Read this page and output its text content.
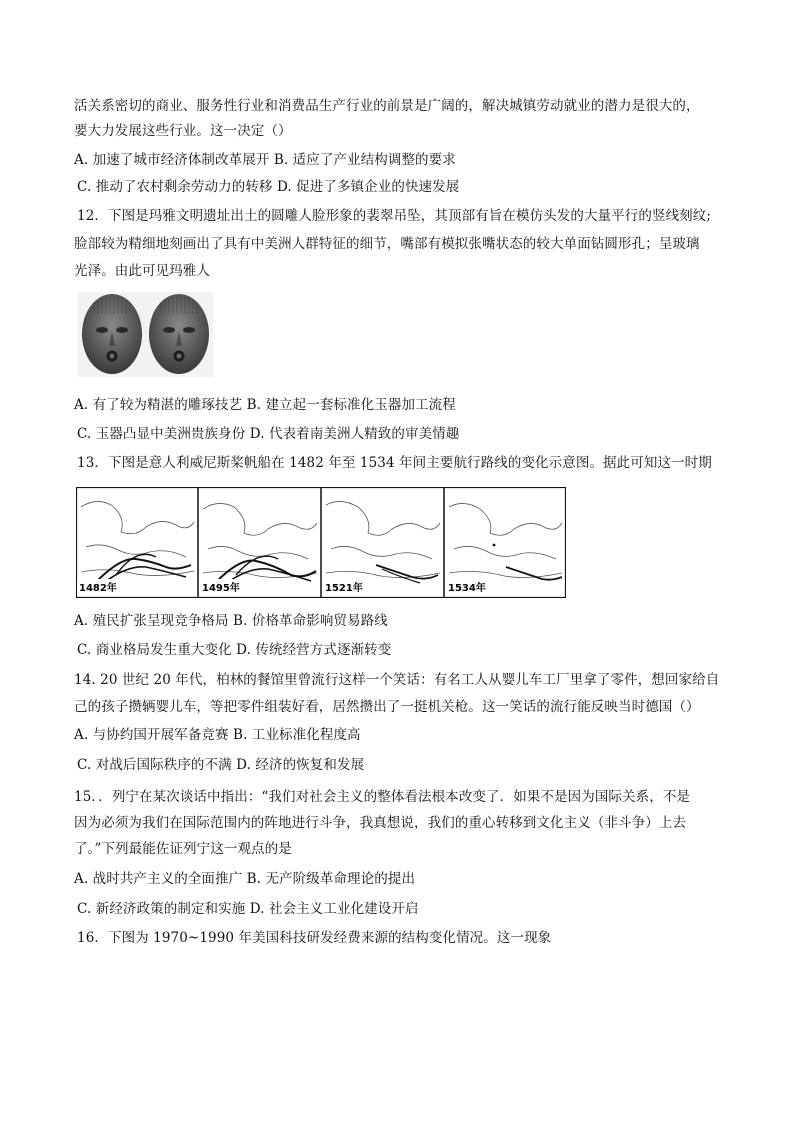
活关系密切的商业、服务性行业和消费品生产行业的前景是广阔的，解决城镇劳动就业的潜力是很大的，
要大力发展这些行业。这一决定（）
A. 加速了城市经济体制改革展开 B. 适应了产业结构调整的要求
C. 推动了农村剩余劳动力的转移 D. 促进了多镇企业的快速发展
12．下图是玛雅文明遗址出土的圆雕人脸形象的裴翠吊坠，其顶部有旨在模仿头发的大量平行的竖线刻纹;
脸部较为精细地刻画出了具有中美洲人群特征的细节，嘴部有模拟张嘴状态的较大单面钻圆形孔；呈玻璃
光泽。由此可见玛雅人
A. 有了较为精湛的雕琢技艺 B. 建立起一套标准化玉器加工流程
C. 玉器凸显中美洲贵族身份 D. 代表着南美洲人精致的审美情趣
13．下图是意人利威尼斯桨帆船在 1482 年至 1534 年间主要航行路线的变化示意图。据此可知这一时期
1482年	1495年	1521年	1534年
A. 殖民扩张呈现竞争格局 B. 价格革命影响贸易路线
C. 商业格局发生重大变化 D. 传统经营方式逐渐转变
14. 20 世纪 20 年代，柏林的餐馆里曾流行这样一个笑话：有名工人从婴儿车工厂里拿了零件，想回家给自
己的孩子攒辆婴儿车，等把零件组装好看，居然攒出了一挺机关枪。这一笑话的流行能反映当时德国（）
A. 与协约国开展军备竞赛 B. 工业标准化程度高
C. 对战后国际秩序的不满 D. 经济的恢复和发展
15．．列宁在某次谈话中指出：“我们对社会主义的整体看法根本改变了．如果不是因为国际关系，不是
因为必须为我们在国际范围内的阵地进行斗争，我真想说，我们的重心转移到文化主义（非斗争）上去
了。”下列最能佐证列宁这一观点的是
A. 战时共产主义的全面推广 B. 无产阶级革命理论的提出
C. 新经济政策的制定和实施 D. 社会主义工业化建设开启
16．下图为 1970~1990 年美国科技研发经费来源的结构变化情况。这一现象
